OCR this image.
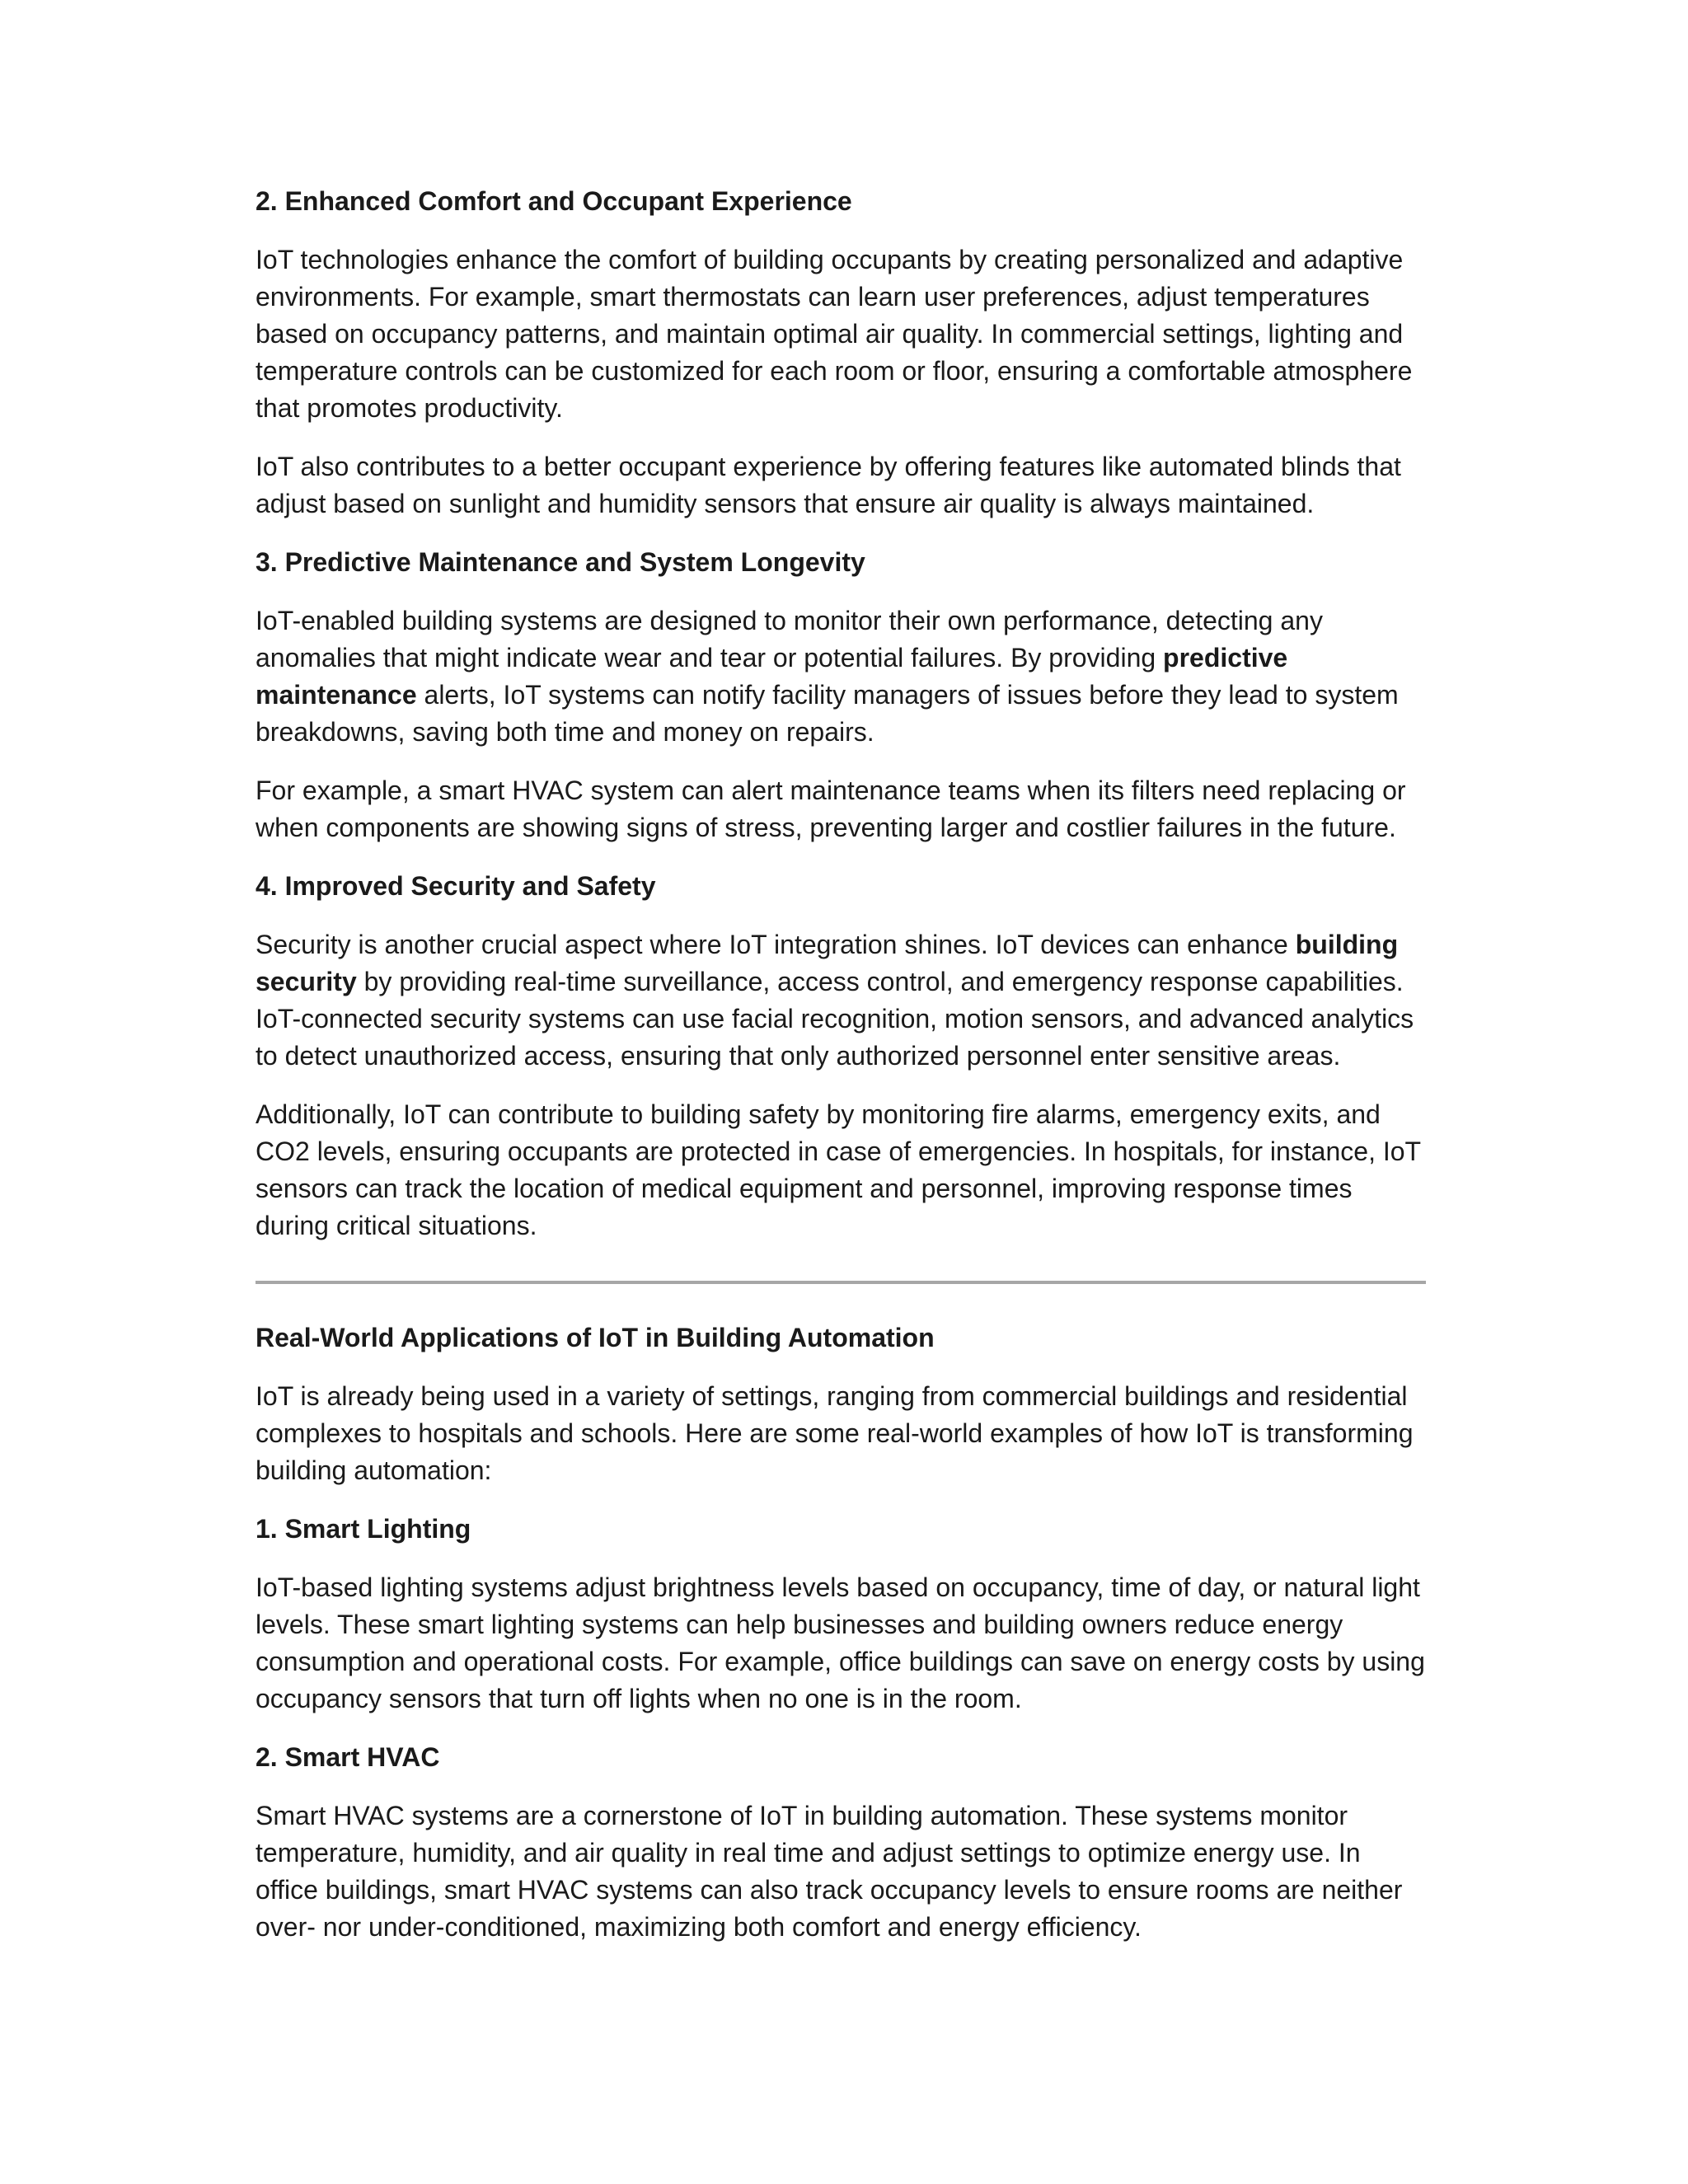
2. Enhanced Comfort and Occupant Experience
IoT technologies enhance the comfort of building occupants by creating personalized and adaptive environments. For example, smart thermostats can learn user preferences, adjust temperatures based on occupancy patterns, and maintain optimal air quality. In commercial settings, lighting and temperature controls can be customized for each room or floor, ensuring a comfortable atmosphere that promotes productivity.
IoT also contributes to a better occupant experience by offering features like automated blinds that adjust based on sunlight and humidity sensors that ensure air quality is always maintained.
3. Predictive Maintenance and System Longevity
IoT-enabled building systems are designed to monitor their own performance, detecting any anomalies that might indicate wear and tear or potential failures. By providing predictive maintenance alerts, IoT systems can notify facility managers of issues before they lead to system breakdowns, saving both time and money on repairs.
For example, a smart HVAC system can alert maintenance teams when its filters need replacing or when components are showing signs of stress, preventing larger and costlier failures in the future.
4. Improved Security and Safety
Security is another crucial aspect where IoT integration shines. IoT devices can enhance building security by providing real-time surveillance, access control, and emergency response capabilities. IoT-connected security systems can use facial recognition, motion sensors, and advanced analytics to detect unauthorized access, ensuring that only authorized personnel enter sensitive areas.
Additionally, IoT can contribute to building safety by monitoring fire alarms, emergency exits, and CO2 levels, ensuring occupants are protected in case of emergencies. In hospitals, for instance, IoT sensors can track the location of medical equipment and personnel, improving response times during critical situations.
Real-World Applications of IoT in Building Automation
IoT is already being used in a variety of settings, ranging from commercial buildings and residential complexes to hospitals and schools. Here are some real-world examples of how IoT is transforming building automation:
1. Smart Lighting
IoT-based lighting systems adjust brightness levels based on occupancy, time of day, or natural light levels. These smart lighting systems can help businesses and building owners reduce energy consumption and operational costs. For example, office buildings can save on energy costs by using occupancy sensors that turn off lights when no one is in the room.
2. Smart HVAC
Smart HVAC systems are a cornerstone of IoT in building automation. These systems monitor temperature, humidity, and air quality in real time and adjust settings to optimize energy use. In office buildings, smart HVAC systems can also track occupancy levels to ensure rooms are neither over- nor under-conditioned, maximizing both comfort and energy efficiency.
